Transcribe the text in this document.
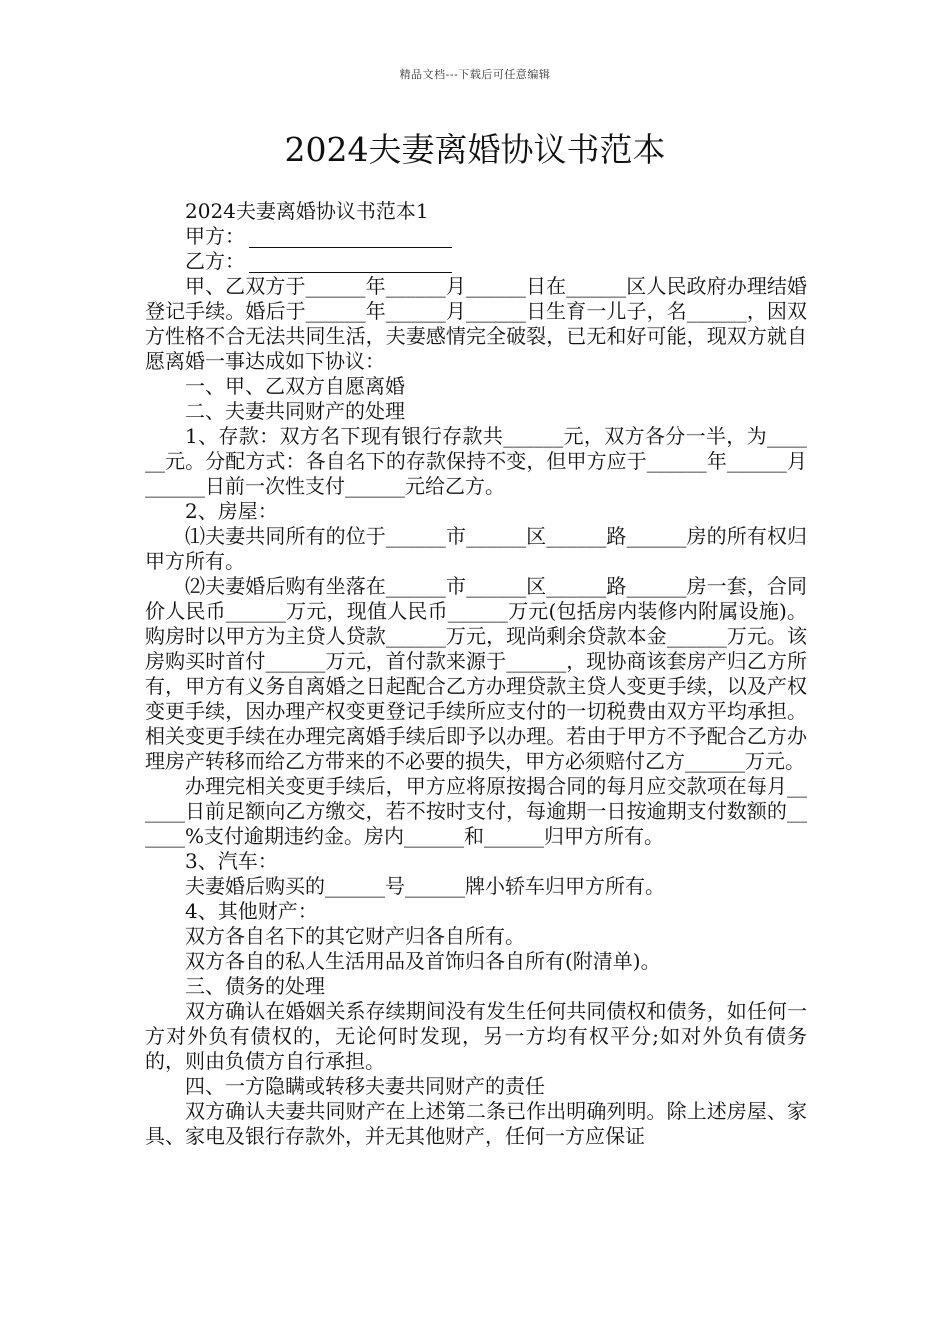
精品文档---下载后可任意编辑
2024夫妻离婚协议书范本

2024夫妻离婚协议书范本1

甲方：

乙方：

甲、乙双方于______年______月______日在______区人民政府办理结婚登记手续。婚后于______年______月______日生育一儿子，名______，因双方性格不合无法共同生活，夫妻感情完全破裂，已无和好可能，现双方就自愿离婚一事达成如下协议：

一、甲、乙双方自愿离婚

二、夫妻共同财产的处理

1、存款：双方名下现有银行存款共______元，双方各分一半，为______元。分配方式：各自名下的存款保持不变，但甲方应于______年______月______日前一次性支付______元给乙方。

2、房屋：

⑴夫妻共同所有的位于______市______区______路______房的所有权归甲方所有。

⑵夫妻婚后购有坐落在______市______区______路______房一套，合同价人民币______万元，现值人民币______万元(包括房内装修内附属设施)。购房时以甲方为主贷人贷款______万元，现尚剩余贷款本金______万元。该房购买时首付______万元，首付款来源于______，现协商该套房产归乙方所有，甲方有义务自离婚之日起配合乙方办理贷款主贷人变更手续，以及产权变更手续，因办理产权变更登记手续所应支付的一切税费由双方平均承担。相关变更手续在办理完离婚手续后即予以办理。若由于甲方不予配合乙方办理房产转移而给乙方带来的不必要的损失，甲方必须赔付乙方______万元。

办理完相关变更手续后，甲方应将原按揭合同的每月应交款项在每月______日前足额向乙方缴交，若不按时支付，每逾期一日按逾期支付数额的______%支付逾期违约金。房内______和______归甲方所有。

3、汽车：

夫妻婚后购买的______号______牌小轿车归甲方所有。

4、其他财产：

双方各自名下的其它财产归各自所有。

双方各自的私人生活用品及首饰归各自所有(附清单)。

三、债务的处理

双方确认在婚姻关系存续期间没有发生任何共同债权和债务，如任何一方对外负有债权的，无论何时发现，另一方均有权平分;如对外负有债务的，则由负债方自行承担。

四、一方隐瞒或转移夫妻共同财产的责任

双方确认夫妻共同财产在上述第二条已作出明确列明。除上述房屋、家具、家电及银行存款外，并无其他财产，任何一方应保证
